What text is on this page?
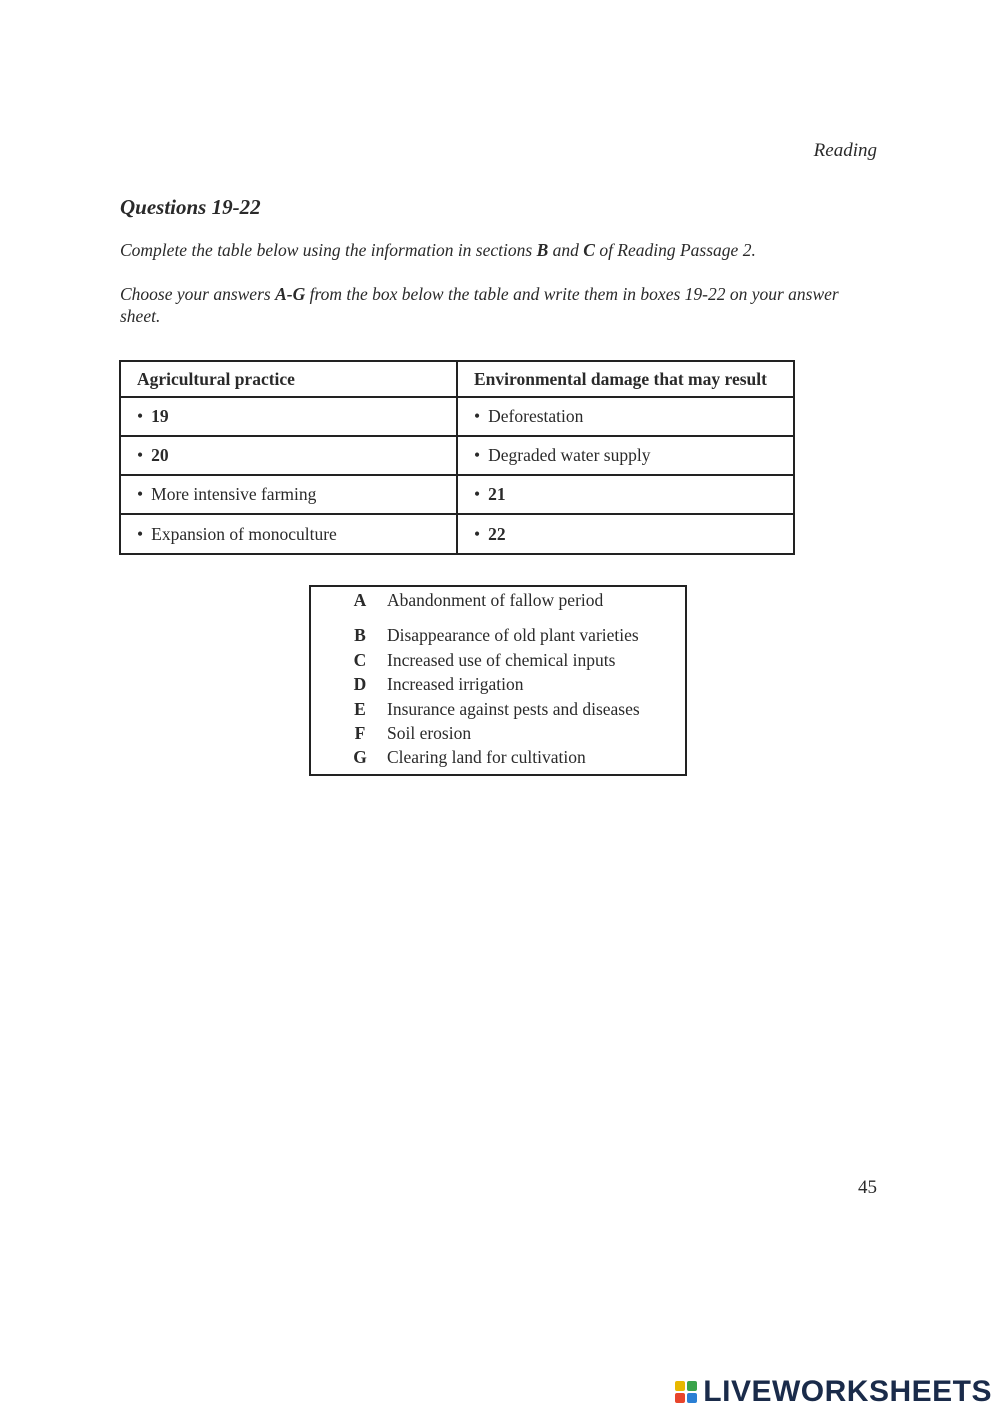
Reading
Questions 19-22

Complete the table below using the information in sections B and C of Reading Passage 2.

Choose your answers A-G from the box below the table and write them in boxes 19-22 on your answer sheet.

Agricultural practice	Environmental damage that may result
• 19	• Deforestation
• 20	• Degraded water supply
• More intensive farming	• 21
• Expansion of monoculture	• 22
A Abandonment of fallow period
B Disappearance of old plant varieties
C Increased use of chemical inputs
D Increased irrigation
E Insurance against pests and diseases
F Soil erosion
G Clearing land for cultivation
45
LIVEWORKSHEETS
